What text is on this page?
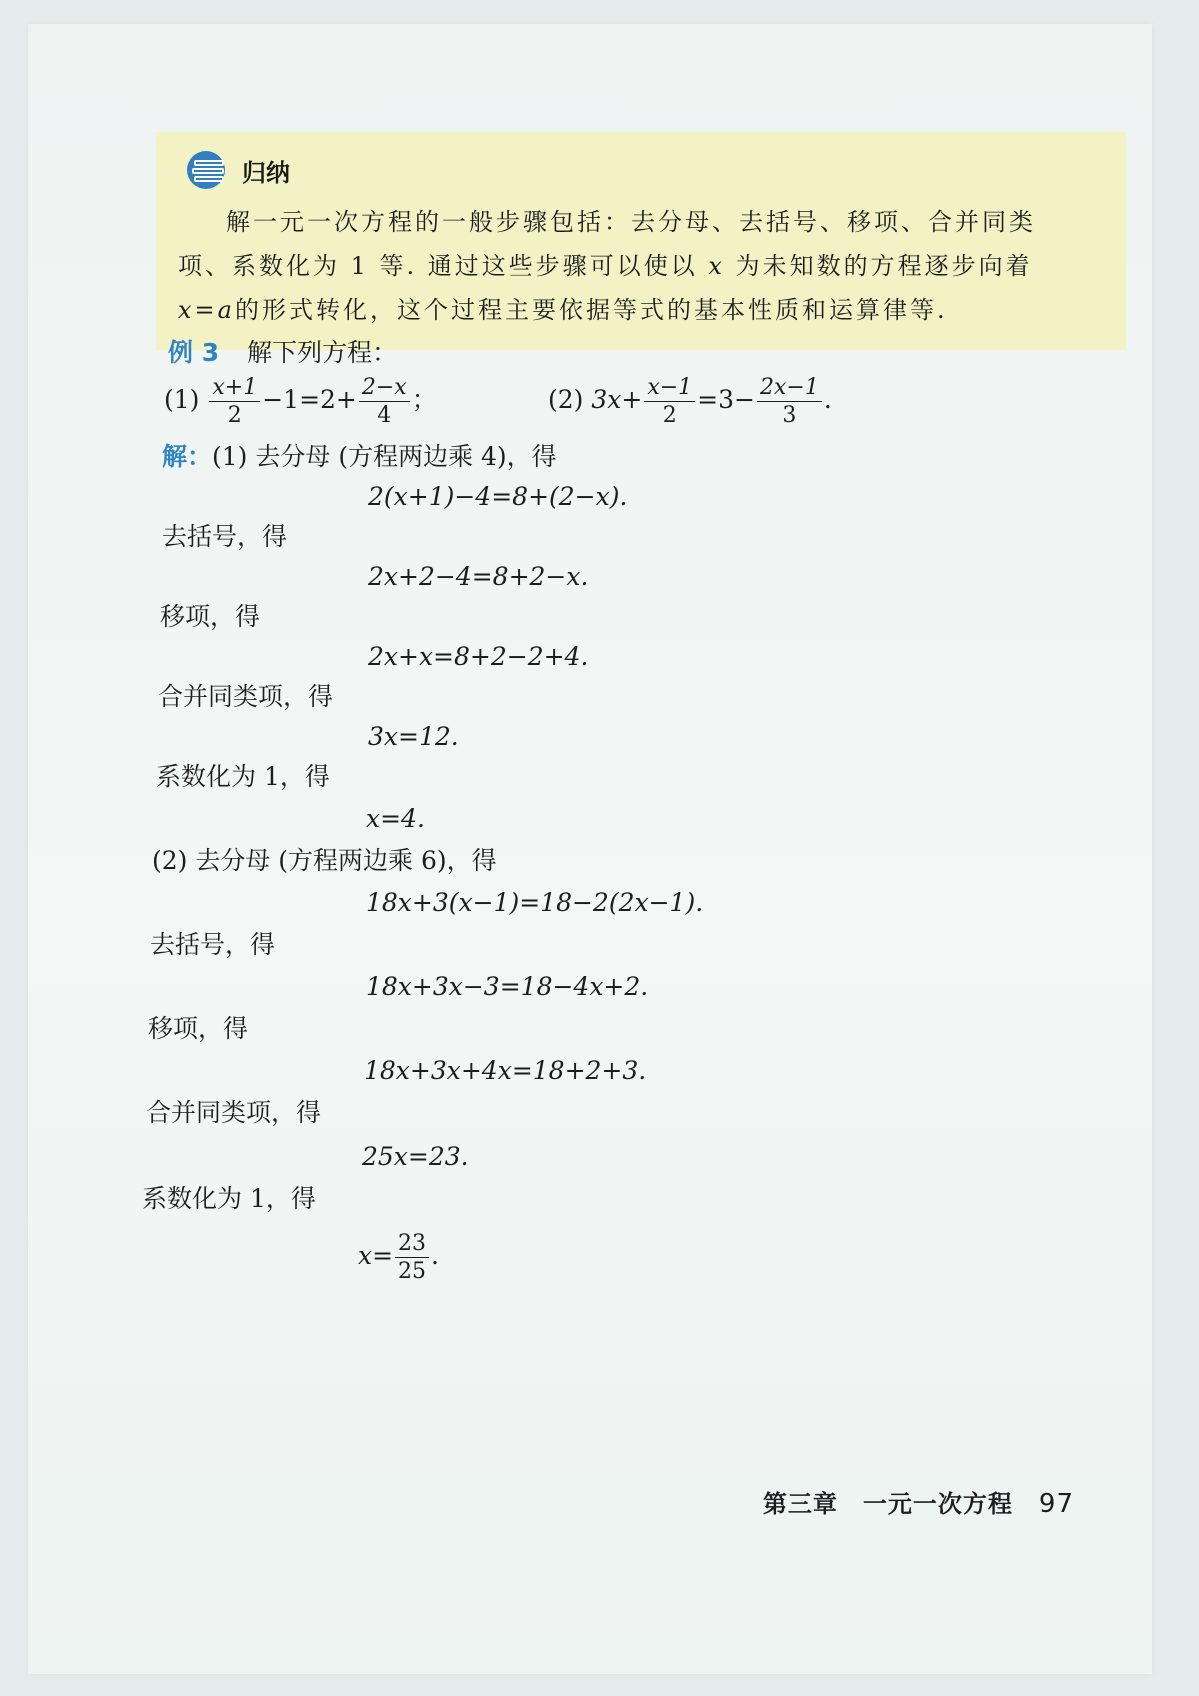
归纳

解一元一次方程的一般步骤包括：去分母、去括号、移项、合并同类

项、系数化为 1 等. 通过这些步骤可以使以 x 为未知数的方程逐步向着

x=a的形式转化，这个过程主要依据等式的基本性质和运算律等.

例 3 解下列方程：
$(1) \frac{x+1}{2} -1=2+ \frac{2-x}{4}$ ；	(2) $3x+ \frac{x-1}{2} =3- \frac{2x-1}{3}$ .
解：(1) 去分母 (方程两边乘 4)，得
2(x+1)−4=8+(2−x).
去括号，得
2x+2−4=8+2−x.
移项，得
2x+x=8+2−2+4.
合并同类项，得
3x=12.
系数化为 1，得
x=4.
(2) 去分母 (方程两边乘 6)，得
18x+3(x−1)=18−2(2x−1).
去括号，得
18x+3x−3=18−4x+2.
移项，得
18x+3x+4x=18+2+3.
合并同类项，得
25x=23.
系数化为 1，得
$x= \frac{23}{25}$ .
第三章　一元一次方程 97
